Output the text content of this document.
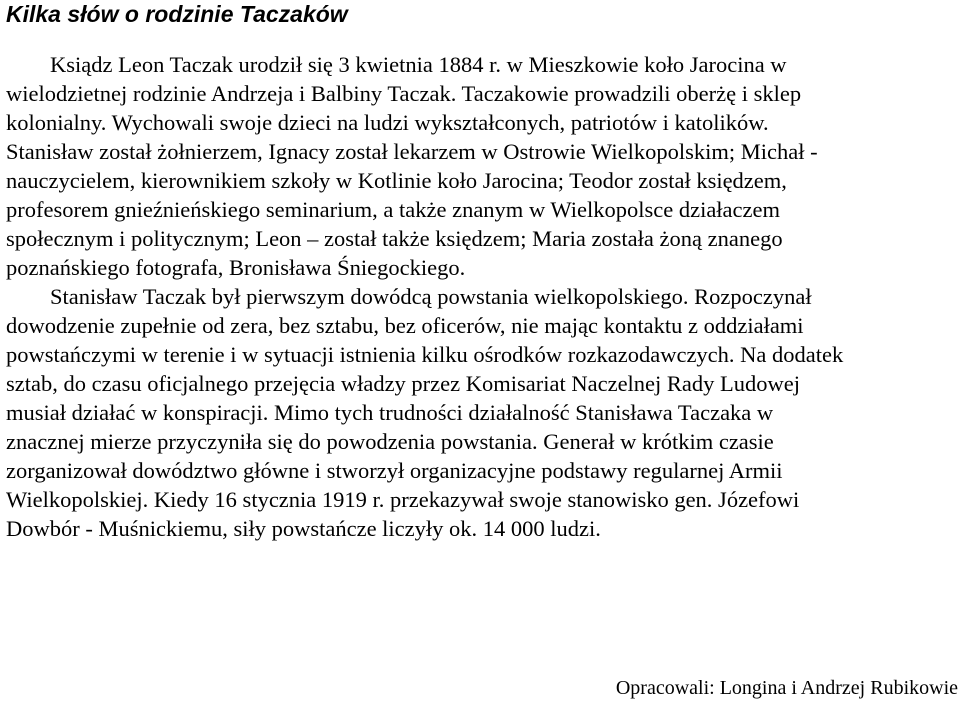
Kilka słów o rodzinie Taczaków
Ksiądz Leon Taczak urodził się 3 kwietnia 1884 r. w Mieszkowie koło Jarocina w
wielodzietnej rodzinie Andrzeja i Balbiny Taczak. Taczakowie prowadzili oberżę i sklep
kolonialny. Wychowali swoje dzieci na ludzi wykształconych, patriotów i katolików.
Stanisław został żołnierzem, Ignacy został lekarzem w Ostrowie Wielkopolskim; Michał -
nauczycielem, kierownikiem szkoły w Kotlinie koło Jarocina; Teodor został księdzem,
profesorem gnieźnieńskiego seminarium, a także znanym w Wielkopolsce działaczem
społecznym i politycznym; Leon – został także księdzem; Maria została żoną znanego
poznańskiego fotografa, Bronisława Śniegockiego.
Stanisław Taczak był pierwszym dowódcą powstania wielkopolskiego. Rozpoczynał
dowodzenie zupełnie od zera, bez sztabu, bez oficerów, nie mając kontaktu z oddziałami
powstańczymi w terenie i w sytuacji istnienia kilku ośrodków rozkazodawczych. Na dodatek
sztab, do czasu oficjalnego przejęcia władzy przez Komisariat Naczelnej Rady Ludowej
musiał działać w konspiracji. Mimo tych trudności działalność Stanisława Taczaka w
znacznej mierze przyczyniła się do powodzenia powstania. Generał w krótkim czasie
zorganizował dowództwo główne i stworzył organizacyjne podstawy regularnej Armii
Wielkopolskiej. Kiedy 16 stycznia 1919 r. przekazywał swoje stanowisko gen. Józefowi
Dowbór - Muśnickiemu, siły powstańcze liczyły ok. 14 000 ludzi.
Opracowali: Longina i Andrzej Rubikowie
